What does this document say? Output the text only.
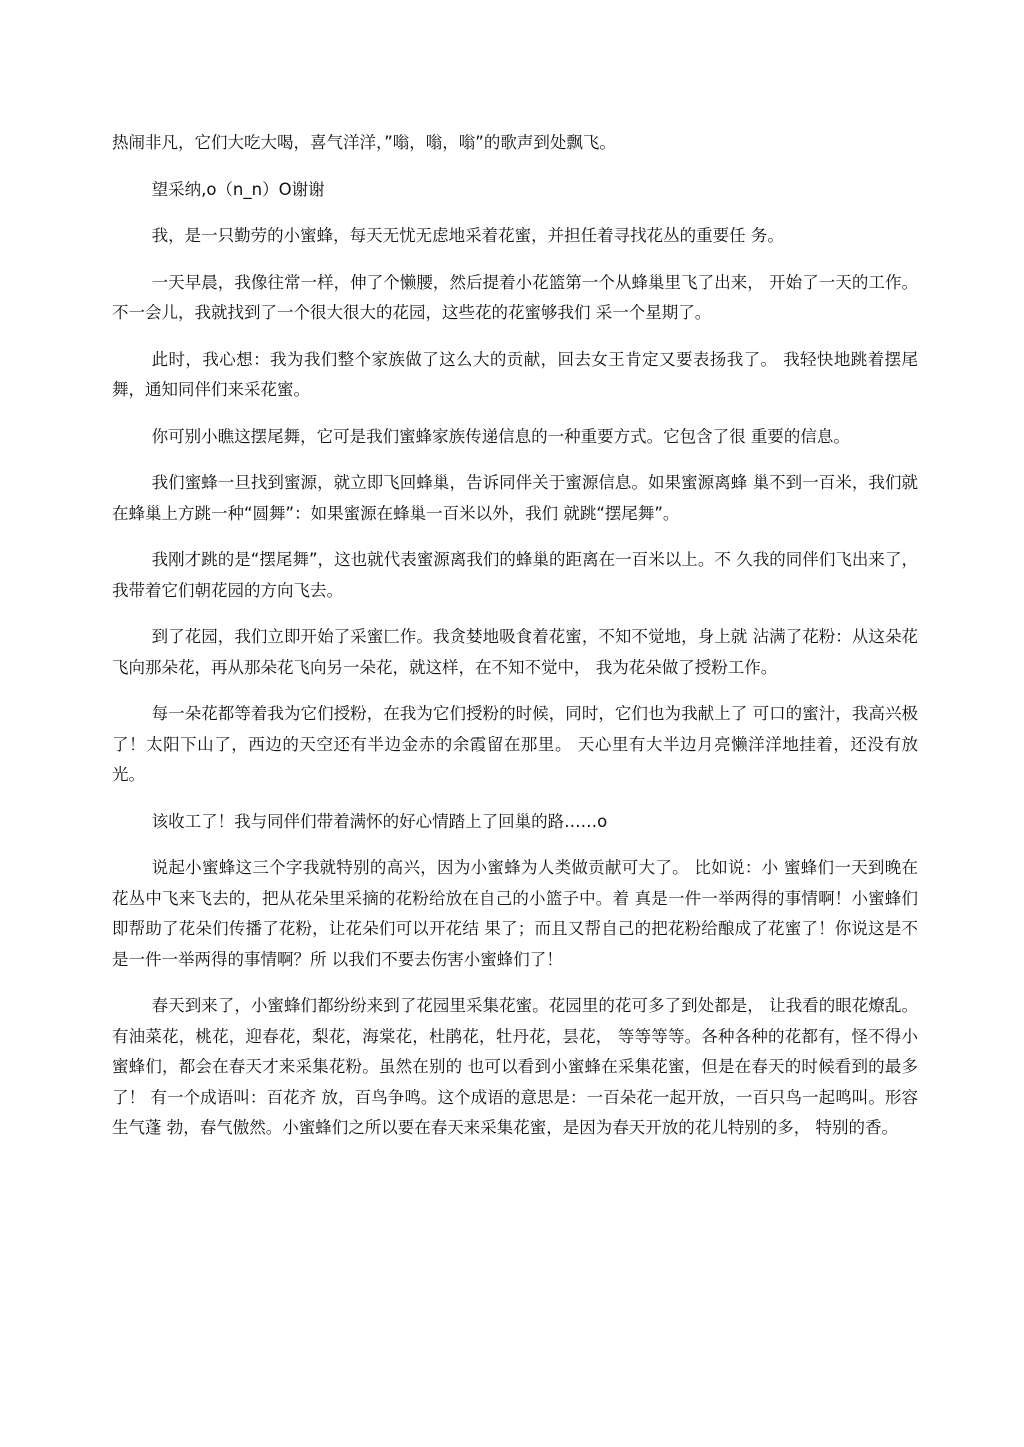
热闹非凡，它们大吃大喝，喜气洋洋，”嗡，嗡，嗡”的歌声到处飘飞。

望采纳,o（n_n）O谢谢

我，是一只勤劳的小蜜蜂，每天无忧无虑地采着花蜜，并担任着寻找花丛的重要任 务。

一天早晨，我像往常一样，伸了个懒腰，然后提着小花篮第一个从蜂巢里飞了出来， 开始了一天的工作。不一会儿，我就找到了一个很大很大的花园，这些花的花蜜够我们 采一个星期了。

此时，我心想：我为我们整个家族做了这么大的贡献，回去女王肯定又要表扬我了。 我轻快地跳着摆尾舞，通知同伴们来采花蜜。

你可别小瞧这摆尾舞，它可是我们蜜蜂家族传递信息的一种重要方式。它包含了很 重要的信息。

我们蜜蜂一旦找到蜜源，就立即飞回蜂巢，告诉同伴关于蜜源信息。如果蜜源离蜂 巢不到一百米，我们就在蜂巢上方跳一种“圆舞”：如果蜜源在蜂巢一百米以外，我们 就跳“摆尾舞”。

我刚才跳的是“摆尾舞”，这也就代表蜜源离我们的蜂巢的距离在一百米以上。不 久我的同伴们飞出来了，我带着它们朝花园的方向飞去。

到了花园，我们立即开始了采蜜匚作。我贪婪地吸食着花蜜，不知不觉地，身上就 沾满了花粉：从这朵花飞向那朵花，再从那朵花飞向另一朵花，就这样，在不知不觉中， 我为花朵做了授粉工作。

每一朵花都等着我为它们授粉，在我为它们授粉的时候，同时，它们也为我献上了 可口的蜜汁，我高兴极了！太阳下山了，西边的天空还有半边金赤的余霞留在那里。 天心里有大半边月亮懒洋洋地挂着，还没有放光。

该收工了！我与同伴们带着满怀的好心情踏上了回巢的路……o

说起小蜜蜂这三个字我就特别的高兴，因为小蜜蜂为人类做贡献可大了。 比如说：小 蜜蜂们一天到晚在花丛中飞来飞去的，把从花朵里采摘的花粉给放在自己的小篮子中。着 真是一件一举两得的事情啊！小蜜蜂们即帮助了花朵们传播了花粉，让花朵们可以开花结 果了；而且又帮自己的把花粉给酿成了花蜜了！你说这是不是一件一举两得的事情啊？所 以我们不要去伤害小蜜蜂们了！

春天到来了，小蜜蜂们都纷纷来到了花园里采集花蜜。花园里的花可多了到处都是， 让我看的眼花燎乱。有油菜花，桃花，迎春花，梨花，海棠花，杜鹃花，牡丹花，昙花， 等等等等。各种各种的花都有，怪不得小蜜蜂们，都会在春天才来采集花粉。虽然在别的 也可以看到小蜜蜂在采集花蜜，但是在春天的时候看到的最多了！ 有一个成语叫：百花齐 放，百鸟争鸣。这个成语的意思是：一百朵花一起开放，一百只鸟一起鸣叫。形容生气蓬 勃，春气傲然。小蜜蜂们之所以要在春天来采集花蜜，是因为春天开放的花儿特别的多， 特别的香。
